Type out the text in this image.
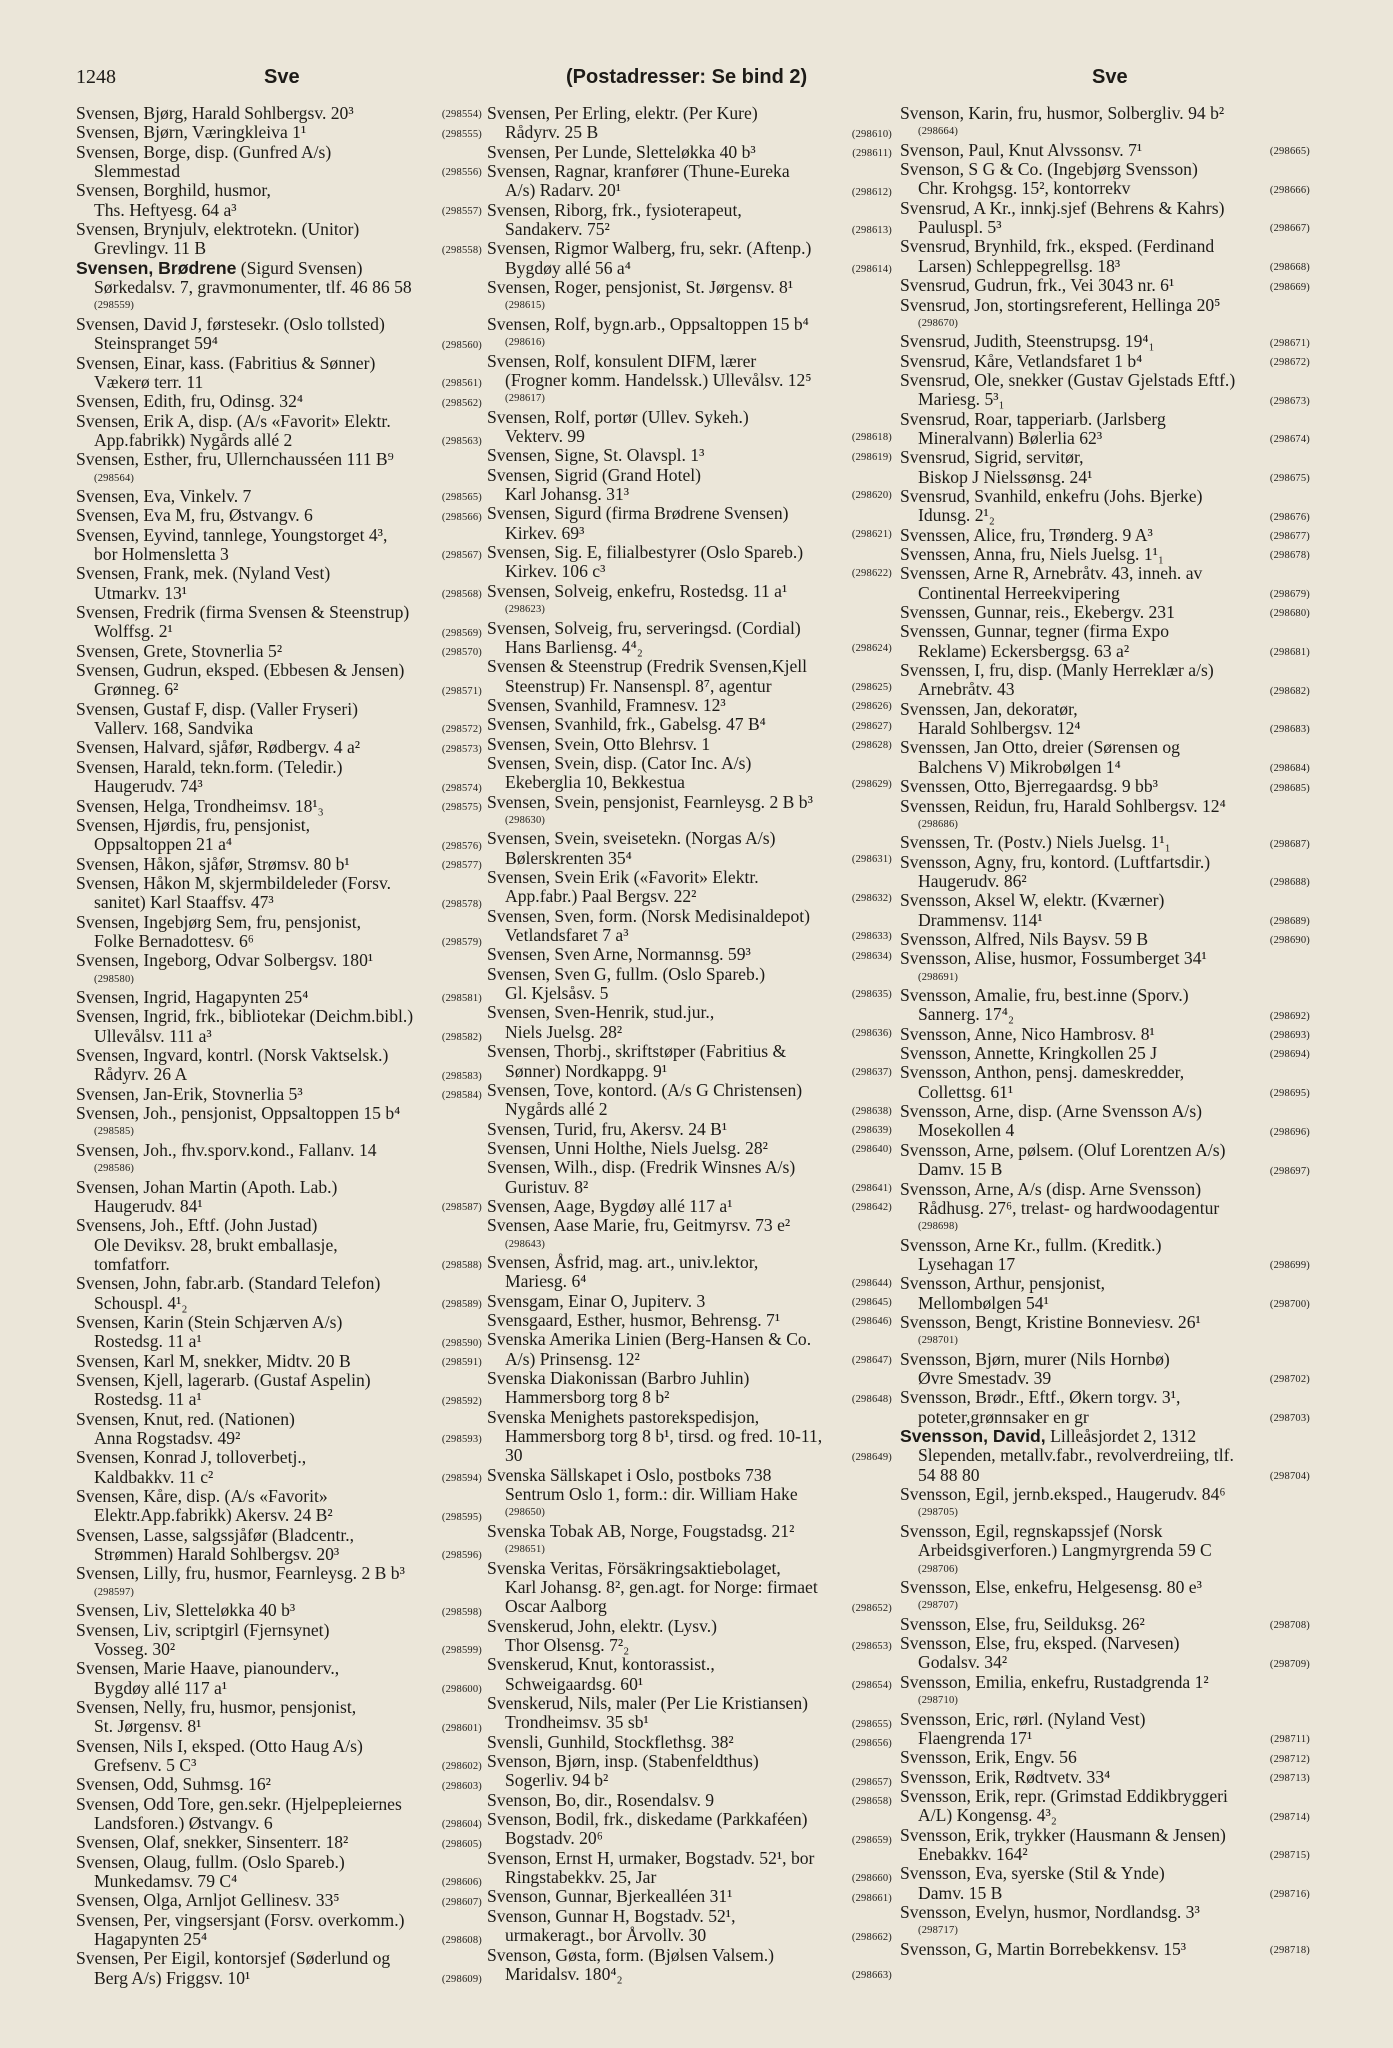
1248	Sve	(Postadresser: Se bind 2)	Sve
Svensen, Bjørg, Harald Sohlbergsv. 20³	(298554)
Svensen, Bjørn, Væringkleiva 1¹	(298555)
Svensen, Borge, disp. (Gunfred A/s)
Slemmestad	(298556)
Svensen, Borghild, husmor,
Ths. Heftyesg. 64 a³	(298557)
Svensen, Brynjulv, elektrotekn. (Unitor)
Grevlingv. 11 B	(298558)
Svensen, Brødrene (Sigurd Svensen)
Sørkedalsv. 7, gravmonumenter, tlf. 46 86 58
(298559)
Svensen, David J, førstesekr. (Oslo tollsted)
Steinspranget 59⁴	(298560)
Svensen, Einar, kass. (Fabritius & Sønner)
Vækerø terr. 11	(298561)
Svensen, Edith, fru, Odinsg. 32⁴	(298562)
Svensen, Erik A, disp. (A/s «Favorit» Elektr.
App.fabrikk) Nygårds allé 2	(298563)
Svensen, Esther, fru, Ullernchausséen 111 B⁹
(298564)
Svensen, Eva, Vinkelv. 7	(298565)
Svensen, Eva M, fru, Østvangv. 6	(298566)
Svensen, Eyvind, tannlege, Youngstorget 4³,
bor Holmensletta 3	(298567)
Svensen, Frank, mek. (Nyland Vest)
Utmarkv. 13¹	(298568)
Svensen, Fredrik (firma Svensen & Steenstrup)
Wolffsg. 2¹	(298569)
Svensen, Grete, Stovnerlia 5²	(298570)
Svensen, Gudrun, eksped. (Ebbesen & Jensen)
Grønneg. 6²	(298571)
Svensen, Gustaf F, disp. (Valler Fryseri)
Vallerv. 168, Sandvika	(298572)
Svensen, Halvard, sjåfør, Rødbergv. 4 a²	(298573)
Svensen, Harald, tekn.form. (Teledir.)
Haugerudv. 74³	(298574)
Svensen, Helga, Trondheimsv. 18¹₃	(298575)
Svensen, Hjørdis, fru, pensjonist,
Oppsaltoppen 21 a⁴	(298576)
Svensen, Håkon, sjåfør, Strømsv. 80 b¹	(298577)
Svensen, Håkon M, skjermbildeleder (Forsv.
sanitet) Karl Staaffsv. 47³	(298578)
Svensen, Ingebjørg Sem, fru, pensjonist,
Folke Bernadottesv. 6⁶	(298579)
Svensen, Ingeborg, Odvar Solbergsv. 180¹
(298580)
Svensen, Ingrid, Hagapynten 25⁴	(298581)
Svensen, Ingrid, frk., bibliotekar (Deichm.bibl.)
Ullevålsv. 111 a³	(298582)
Svensen, Ingvard, kontrl. (Norsk Vaktselsk.)
Rådyrv. 26 A	(298583)
Svensen, Jan-Erik, Stovnerlia 5³	(298584)
Svensen, Joh., pensjonist, Oppsaltoppen 15 b⁴
(298585)
Svensen, Joh., fhv.sporv.kond., Fallanv. 14
(298586)
Svensen, Johan Martin (Apoth. Lab.)
Haugerudv. 84¹	(298587)
Svensens, Joh., Eftf. (John Justad)
Ole Deviksv. 28, brukt emballasje,
tomfatforr.	(298588)
Svensen, John, fabr.arb. (Standard Telefon)
Schouspl. 4¹₂	(298589)
Svensen, Karin (Stein Schjærven A/s)
Rostedsg. 11 a¹	(298590)
Svensen, Karl M, snekker, Midtv. 20 B	(298591)
Svensen, Kjell, lagerarb. (Gustaf Aspelin)
Rostedsg. 11 a¹	(298592)
Svensen, Knut, red. (Nationen)
Anna Rogstadsv. 49²	(298593)
Svensen, Konrad J, tolloverbetj.,
Kaldbakkv. 11 c²	(298594)
Svensen, Kåre, disp. (A/s «Favorit»
Elektr.App.fabrikk) Akersv. 24 B²	(298595)
Svensen, Lasse, salgssjåfør (Bladcentr.,
Strømmen) Harald Sohlbergsv. 20³	(298596)
Svensen, Lilly, fru, husmor, Fearnleysg. 2 B b³
(298597)
Svensen, Liv, Sletteløkka 40 b³	(298598)
Svensen, Liv, scriptgirl (Fjernsynet)
Vosseg. 30²	(298599)
Svensen, Marie Haave, pianounderv.,
Bygdøy allé 117 a¹	(298600)
Svensen, Nelly, fru, husmor, pensjonist,
St. Jørgensv. 8¹	(298601)
Svensen, Nils I, eksped. (Otto Haug A/s)
Grefsenv. 5 C³	(298602)
Svensen, Odd, Suhmsg. 16²	(298603)
Svensen, Odd Tore, gen.sekr. (Hjelpepleiernes
Landsforen.) Østvangv. 6	(298604)
Svensen, Olaf, snekker, Sinsenterr. 18²	(298605)
Svensen, Olaug, fullm. (Oslo Spareb.)
Munkedamsv. 79 C⁴	(298606)
Svensen, Olga, Arnljot Gellinesv. 33⁵	(298607)
Svensen, Per, vingsersjant (Forsv. overkomm.)
Hagapynten 25⁴	(298608)
Svensen, Per Eigil, kontorsjef (Søderlund og
Berg A/s) Friggsv. 10¹	(298609)
Svensen, Per Erling, elektr. (Per Kure)
Rådyrv. 25 B	(298610)
Svensen, Per Lunde, Sletteløkka 40 b³	(298611)
Svensen, Ragnar, kranfører (Thune-Eureka
A/s) Radarv. 20¹	(298612)
Svensen, Riborg, frk., fysioterapeut,
Sandakerv. 75²	(298613)
Svensen, Rigmor Walberg, fru, sekr. (Aftenp.)
Bygdøy allé 56 a⁴	(298614)
Svensen, Roger, pensjonist, St. Jørgensv. 8¹
(298615)
Svensen, Rolf, bygn.arb., Oppsaltoppen 15 b⁴
(298616)
Svensen, Rolf, konsulent DIFM, lærer
(Frogner komm. Handelssk.) Ullevålsv. 12⁵
(298617)
Svensen, Rolf, portør (Ullev. Sykeh.)
Vekterv. 99	(298618)
Svensen, Signe, St. Olavspl. 1³	(298619)
Svensen, Sigrid (Grand Hotel)
Karl Johansg. 31³	(298620)
Svensen, Sigurd (firma Brødrene Svensen)
Kirkev. 69³	(298621)
Svensen, Sig. E, filialbestyrer (Oslo Spareb.)
Kirkev. 106 c³	(298622)
Svensen, Solveig, enkefru, Rostedsg. 11 a¹
(298623)
Svensen, Solveig, fru, serveringsd. (Cordial)
Hans Barliensg. 4⁴₂	(298624)
Svensen & Steenstrup (Fredrik Svensen,Kjell
Steenstrup) Fr. Nansenspl. 8⁷, agentur	(298625)
Svensen, Svanhild, Framnesv. 12³	(298626)
Svensen, Svanhild, frk., Gabelsg. 47 B⁴	(298627)
Svensen, Svein, Otto Blehrsv. 1	(298628)
Svensen, Svein, disp. (Cator Inc. A/s)
Ekeberglia 10, Bekkestua	(298629)
Svensen, Svein, pensjonist, Fearnleysg. 2 B b³
(298630)
Svensen, Svein, sveisetekn. (Norgas A/s)
Bølerskrenten 35⁴	(298631)
Svensen, Svein Erik («Favorit» Elektr.
App.fabr.) Paal Bergsv. 22²	(298632)
Svensen, Sven, form. (Norsk Medisinaldepot)
Vetlandsfaret 7 a³	(298633)
Svensen, Sven Arne, Normannsg. 59³	(298634)
Svensen, Sven G, fullm. (Oslo Spareb.)
Gl. Kjelsåsv. 5	(298635)
Svensen, Sven-Henrik, stud.jur.,
Niels Juelsg. 28²	(298636)
Svensen, Thorbj., skriftstøper (Fabritius &
Sønner) Nordkappg. 9¹	(298637)
Svensen, Tove, kontord. (A/s G Christensen)
Nygårds allé 2	(298638)
Svensen, Turid, fru, Akersv. 24 B¹	(298639)
Svensen, Unni Holthe, Niels Juelsg. 28²	(298640)
Svensen, Wilh., disp. (Fredrik Winsnes A/s)
Guristuv. 8²	(298641)
Svensen, Aage, Bygdøy allé 117 a¹	(298642)
Svensen, Aase Marie, fru, Geitmyrsv. 73 e²
(298643)
Svensen, Åsfrid, mag. art., univ.lektor,
Mariesg. 6⁴	(298644)
Svensgam, Einar O, Jupiterv. 3	(298645)
Svensgaard, Esther, husmor, Behrensg. 7¹	(298646)
Svenska Amerika Linien (Berg-Hansen & Co.
A/s) Prinsensg. 12²	(298647)
Svenska Diakonissan (Barbro Juhlin)
Hammersborg torg 8 b²	(298648)
Svenska Menighets pastorekspedisjon,
Hammersborg torg 8 b¹, tirsd. og fred. 10-11,
30	(298649)
Svenska Sällskapet i Oslo, postboks 738
Sentrum Oslo 1, form.: dir. William Hake
(298650)
Svenska Tobak AB, Norge, Fougstadsg. 21²
(298651)
Svenska Veritas, Försäkringsaktiebolaget,
Karl Johansg. 8², gen.agt. for Norge: firmaet
Oscar Aalborg	(298652)
Svenskerud, John, elektr. (Lysv.)
Thor Olsensg. 7²₂	(298653)
Svenskerud, Knut, kontorassist.,
Schweigaardsg. 60¹	(298654)
Svenskerud, Nils, maler (Per Lie Kristiansen)
Trondheimsv. 35 sb¹	(298655)
Svensli, Gunhild, Stockflethsg. 38²	(298656)
Svenson, Bjørn, insp. (Stabenfeldthus)
Sogerliv. 94 b²	(298657)
Svenson, Bo, dir., Rosendalsv. 9	(298658)
Svenson, Bodil, frk., diskedame (Parkkaféen)
Bogstadv. 20⁶	(298659)
Svenson, Ernst H, urmaker, Bogstadv. 52¹, bor
Ringstabekkv. 25, Jar	(298660)
Svenson, Gunnar, Bjerkealléen 31¹	(298661)
Svenson, Gunnar H, Bogstadv. 52¹,
urmakeragt., bor Årvollv. 30	(298662)
Svenson, Gøsta, form. (Bjølsen Valsem.)
Maridalsv. 180⁴₂	(298663)
Svenson, Karin, fru, husmor, Solbergliv. 94 b²
(298664)
Svenson, Paul, Knut Alvssonsv. 7¹	(298665)
Svenson, S G & Co. (Ingebjørg Svensson)
Chr. Krohgsg. 15², kontorrekv	(298666)
Svensrud, A Kr., innkj.sjef (Behrens & Kahrs)
Pauluspl. 5³	(298667)
Svensrud, Brynhild, frk., eksped. (Ferdinand
Larsen) Schleppegrellsg. 18³	(298668)
Svensrud, Gudrun, frk., Vei 3043 nr. 6¹	(298669)
Svensrud, Jon, stortingsreferent, Hellinga 20⁵
(298670)
Svensrud, Judith, Steenstrupsg. 19⁴₁	(298671)
Svensrud, Kåre, Vetlandsfaret 1 b⁴	(298672)
Svensrud, Ole, snekker (Gustav Gjelstads Eftf.)
Mariesg. 5³₁	(298673)
Svensrud, Roar, tapperiarb. (Jarlsberg
Mineralvann) Bølerlia 62³	(298674)
Svensrud, Sigrid, servitør,
Biskop J Nielssønsg. 24¹	(298675)
Svensrud, Svanhild, enkefru (Johs. Bjerke)
Idunsg. 2¹₂	(298676)
Svenssen, Alice, fru, Trønderg. 9 A³	(298677)
Svenssen, Anna, fru, Niels Juelsg. 1¹₁	(298678)
Svenssen, Arne R, Arnebråtv. 43, inneh. av
Continental Herreekvipering	(298679)
Svenssen, Gunnar, reis., Ekebergv. 231	(298680)
Svenssen, Gunnar, tegner (firma Expo
Reklame) Eckersbergsg. 63 a²	(298681)
Svenssen, I, fru, disp. (Manly Herreklær a/s)
Arnebråtv. 43	(298682)
Svenssen, Jan, dekoratør,
Harald Sohlbergsv. 12⁴	(298683)
Svenssen, Jan Otto, dreier (Sørensen og
Balchens V) Mikrobølgen 1⁴	(298684)
Svenssen, Otto, Bjerregaardsg. 9 bb³	(298685)
Svenssen, Reidun, fru, Harald Sohlbergsv. 12⁴
(298686)
Svenssen, Tr. (Postv.) Niels Juelsg. 1¹₁	(298687)
Svensson, Agny, fru, kontord. (Luftfartsdir.)
Haugerudv. 86²	(298688)
Svensson, Aksel W, elektr. (Kværner)
Drammensv. 114¹	(298689)
Svensson, Alfred, Nils Baysv. 59 B	(298690)
Svensson, Alise, husmor, Fossumberget 34¹
(298691)
Svensson, Amalie, fru, best.inne (Sporv.)
Sannerg. 17⁴₂	(298692)
Svensson, Anne, Nico Hambrosv. 8¹	(298693)
Svensson, Annette, Kringkollen 25 J	(298694)
Svensson, Anthon, pensj. dameskredder,
Collettsg. 61¹	(298695)
Svensson, Arne, disp. (Arne Svensson A/s)
Mosekollen 4	(298696)
Svensson, Arne, pølsem. (Oluf Lorentzen A/s)
Damv. 15 B	(298697)
Svensson, Arne, A/s (disp. Arne Svensson)
Rådhusg. 27⁶, trelast- og hardwoodagentur
(298698)
Svensson, Arne Kr., fullm. (Kreditk.)
Lysehagan 17	(298699)
Svensson, Arthur, pensjonist,
Mellombølgen 54¹	(298700)
Svensson, Bengt, Kristine Bonneviesv. 26¹
(298701)
Svensson, Bjørn, murer (Nils Hornbø)
Øvre Smestadv. 39	(298702)
Svensson, Brødr., Eftf., Økern torgv. 3¹,
poteter,grønnsaker en gr	(298703)
Svensson, David, Lilleåsjordet 2, 1312
Slependen, metallv.fabr., revolverdreiing, tlf.
54 88 80	(298704)
Svensson, Egil, jernb.eksped., Haugerudv. 84⁶
(298705)
Svensson, Egil, regnskapssjef (Norsk
Arbeidsgiverforen.) Langmyrgrenda 59 C
(298706)
Svensson, Else, enkefru, Helgesensg. 80 e³
(298707)
Svensson, Else, fru, Seilduksg. 26²	(298708)
Svensson, Else, fru, eksped. (Narvesen)
Godalsv. 34²	(298709)
Svensson, Emilia, enkefru, Rustadgrenda 1²
(298710)
Svensson, Eric, rørl. (Nyland Vest)
Flaengrenda 17¹	(298711)
Svensson, Erik, Engv. 56	(298712)
Svensson, Erik, Rødtvetv. 33⁴	(298713)
Svensson, Erik, repr. (Grimstad Eddikbryggeri
A/L) Kongensg. 4³₂	(298714)
Svensson, Erik, trykker (Hausmann & Jensen)
Enebakkv. 164²	(298715)
Svensson, Eva, syerske (Stil & Ynde)
Damv. 15 B	(298716)
Svensson, Evelyn, husmor, Nordlandsg. 3³
(298717)
Svensson, G, Martin Borrebekkensv. 15³	(298718)
